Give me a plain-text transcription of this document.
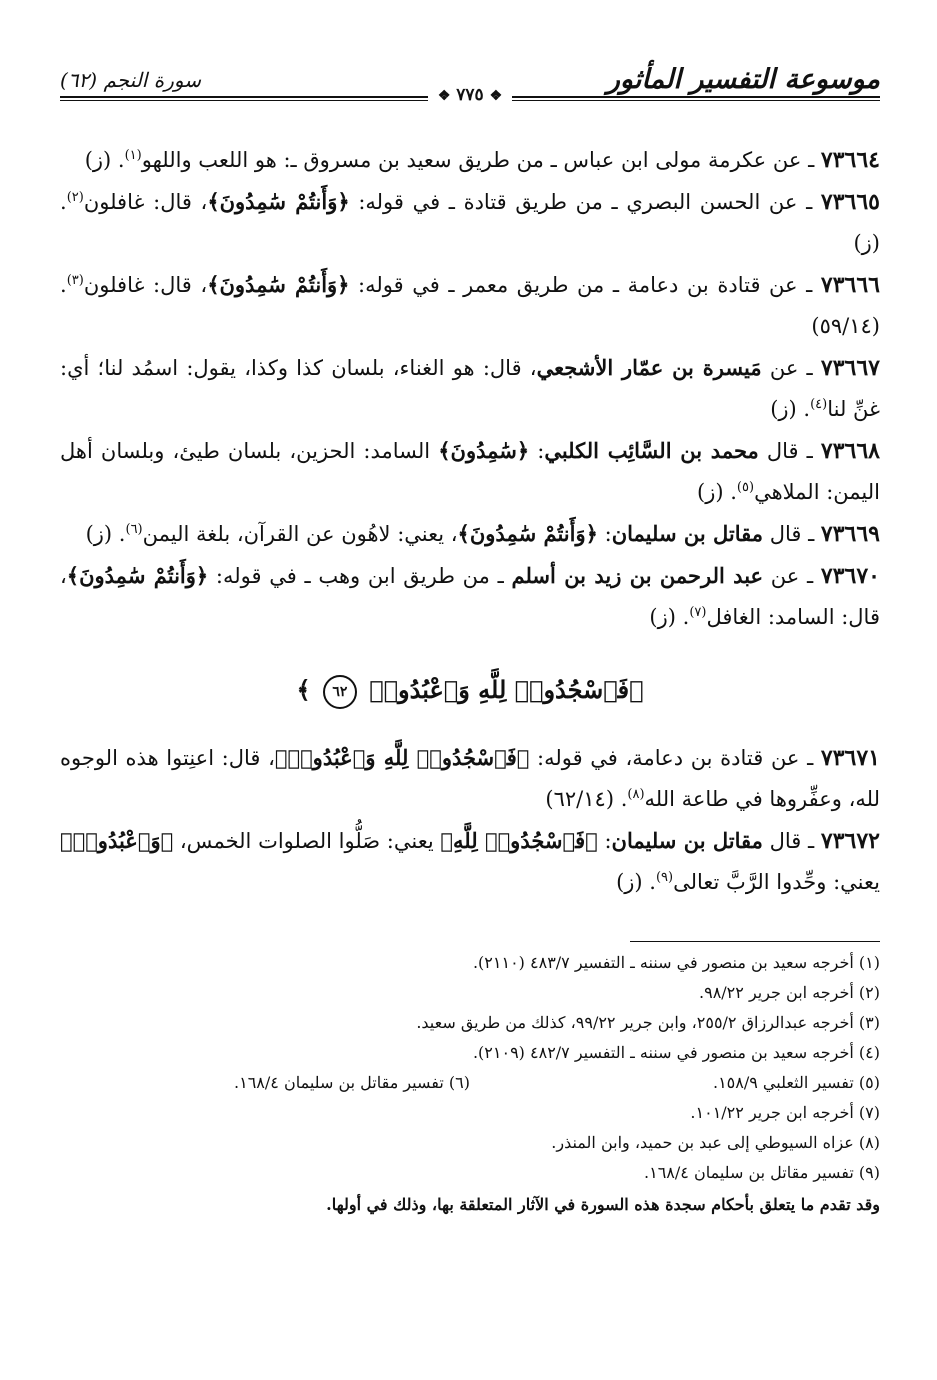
موسوعة التفسير المأثور
سورة النجم (٦٢)
❖ ٧٧٥ ❖

٧٣٦٦٤ ـ عن عكرمة مولى ابن عباس ـ من طريق سعيد بن مسروق ـ: هو اللعب واللهو$^{(١)}$. (ز)

٧٣٦٦٥ ـ عن الحسن البصري ـ من طريق قتادة ـ في قوله: ﴿وَأَنتُمْ سَٰمِدُونَ﴾، قال: غافلون$^{(٢)}$. (ز)

٧٣٦٦٦ ـ عن قتادة بن دعامة ـ من طريق معمر ـ في قوله: ﴿وَأَنتُمْ سَٰمِدُونَ﴾، قال: غافلون$^{(٣)}$. (٥٩/١٤)

٧٣٦٦٧ ـ عن مَيسرة بن عمّار الأشجعي، قال: هو الغناء، بلسان كذا وكذا، يقول: اسمُد لنا؛ أي: غنِّ لنا$^{(٤)}$. (ز)

٧٣٦٦٨ ـ قال محمد بن السَّائِب الكلبي: ﴿سَٰمِدُونَ﴾ السامد: الحزين، بلسان طيئ، وبلسان أهل اليمن: الملاهي$^{(٥)}$. (ز)

٧٣٦٦٩ ـ قال مقاتل بن سليمان: ﴿وَأَنتُمْ سَٰمِدُونَ﴾، يعني: لاهُون عن القرآن، بلغة اليمن$^{(٦)}$. (ز)

٧٣٦٧٠ ـ عن عبد الرحمن بن زيد بن أسلم ـ من طريق ابن وهب ـ في قوله: ﴿وَأَنتُمْ سَٰمِدُونَ﴾، قال: السامد: الغافل$^{(٧)}$. (ز)

﴿فَٱسْجُدُوا۟ لِلَّهِ وَٱعْبُدُوا۟ ٦٢ ﴾

٧٣٦٧١ ـ عن قتادة بن دعامة، في قوله: ﴿فَٱسْجُدُوا۟ لِلَّهِ وَٱعْبُدُوا۟﴾، قال: اعنِتوا هذه الوجوه لله، وعفِّروها في طاعة الله$^{(٨)}$. (٦٢/١٤)

٧٣٦٧٢ ـ قال مقاتل بن سليمان: ﴿فَٱسْجُدُوا۟ لِلَّهِ﴾ يعني: صَلُّوا الصلوات الخمس، ﴿وَٱعْبُدُوا۟﴾ يعني: وحِّدوا الرَّبَّ تعالى$^{(٩)}$. (ز)

(١) أخرجه سعيد بن منصور في سننه ـ التفسير ٤٨٣/٧ (٢١١٠).

(٢) أخرجه ابن جرير ٩٨/٢٢.

(٣) أخرجه عبدالرزاق ٢٥٥/٢، وابن جرير ٩٩/٢٢، كذلك من طريق سعيد.

(٤) أخرجه سعيد بن منصور في سننه ـ التفسير ٤٨٢/٧ (٢١٠٩).

(٥) تفسير الثعلبي ١٥٨/٩.

(٦) تفسير مقاتل بن سليمان ١٦٨/٤.

(٧) أخرجه ابن جرير ١٠١/٢٢.

(٨) عزاه السيوطي إلى عبد بن حميد، وابن المنذر.

(٩) تفسير مقاتل بن سليمان ١٦٨/٤.

وقد تقدم ما يتعلق بأحكام سجدة هذه السورة في الآثار المتعلقة بها، وذلك في أولها.
